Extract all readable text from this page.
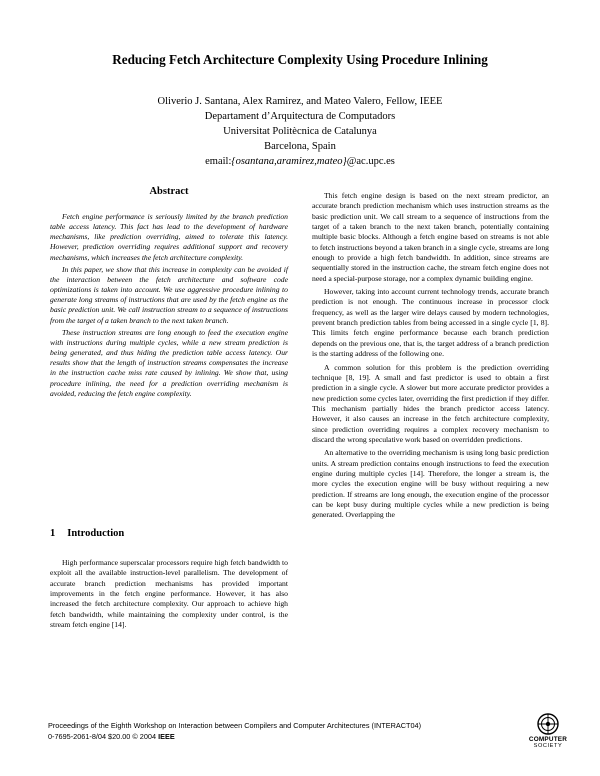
Reducing Fetch Architecture Complexity Using Procedure Inlining
Oliverio J. Santana, Alex Ramirez, and Mateo Valero, Fellow, IEEE
Departament d’Arquitectura de Computadors
Universitat Politècnica de Catalunya
Barcelona, Spain
email:{osantana,aramirez,mateo}@ac.upc.es
Abstract

Fetch engine performance is seriously limited by the branch prediction table access latency. This fact has lead to the development of hardware mechanisms, like prediction overriding, aimed to tolerate this latency. However, prediction overriding requires additional support and recovery mechanisms, which increases the fetch architecture complexity.

In this paper, we show that this increase in complexity can be avoided if the interaction between the fetch architecture and software code optimizations is taken into account. We use aggressive procedure inlining to generate long streams of instructions that are used by the fetch engine as the basic prediction unit. We call instruction stream to a sequence of instructions from the target of a taken branch to the next taken branch.

These instruction streams are long enough to feed the execution engine with instructions during multiple cycles, while a new stream prediction is being generated, and thus hiding the prediction table access latency. Our results show that the length of instruction streams compensates the increase in the instruction cache miss rate caused by inlining. We show that, using procedure inlining, the need for a prediction overriding mechanism is avoided, reducing the fetch engine complexity.

1 Introduction

High performance superscalar processors require high fetch bandwidth to exploit all the available instruction-level parallelism. The development of accurate branch prediction mechanisms has provided important improvements in the fetch engine performance. However, it has also increased the fetch architecture complexity. Our approach to achieve high fetch bandwidth, while maintaining the complexity under control, is the stream fetch engine [14].

This fetch engine design is based on the next stream predictor, an accurate branch prediction mechanism which uses instruction streams as the basic prediction unit. We call stream to a sequence of instructions from the target of a taken branch to the next taken branch, potentially containing multiple basic blocks. Although a fetch engine based on streams is not able to fetch instructions beyond a taken branch in a single cycle, streams are long enough to provide a high fetch bandwidth. In addition, since streams are sequentially stored in the instruction cache, the stream fetch engine does not need a special-purpose storage, nor a complex dynamic building engine.

However, taking into account current technology trends, accurate branch prediction is not enough. The continuous increase in processor clock frequency, as well as the larger wire delays caused by modern technologies, prevent branch prediction tables from being accessed in a single cycle [1, 8]. This limits fetch engine performance because each branch prediction depends on the previous one, that is, the target address of a branch prediction is the starting address of the following one.

A common solution for this problem is the prediction overriding technique [8, 19]. A small and fast predictor is used to obtain a first prediction in a single cycle. A slower but more accurate predictor provides a new prediction some cycles later, overriding the first prediction if they differ. This mechanism partially hides the branch predictor access latency. However, it also causes an increase in the fetch architecture complexity, since prediction overriding requires a complex recovery mechanism to discard the wrong speculative work based on overridden predictions.

An alternative to the overriding mechanism is using long basic prediction units. A stream prediction contains enough instructions to feed the execution engine during multiple cycles [14]. Therefore, the longer a stream is, the more cycles the execution engine will be busy without requiring a new prediction. If streams are long enough, the execution engine of the processor can be kept busy during multiple cycles while a new prediction is being generated. Overlapping the

Proceedings of the Eighth Workshop on Interaction between Compilers and Computer Architectures (INTERACT04)
0-7695-2061-8/04 $20.00 © 2004 IEEE	COMPUTER
SOCIETY
